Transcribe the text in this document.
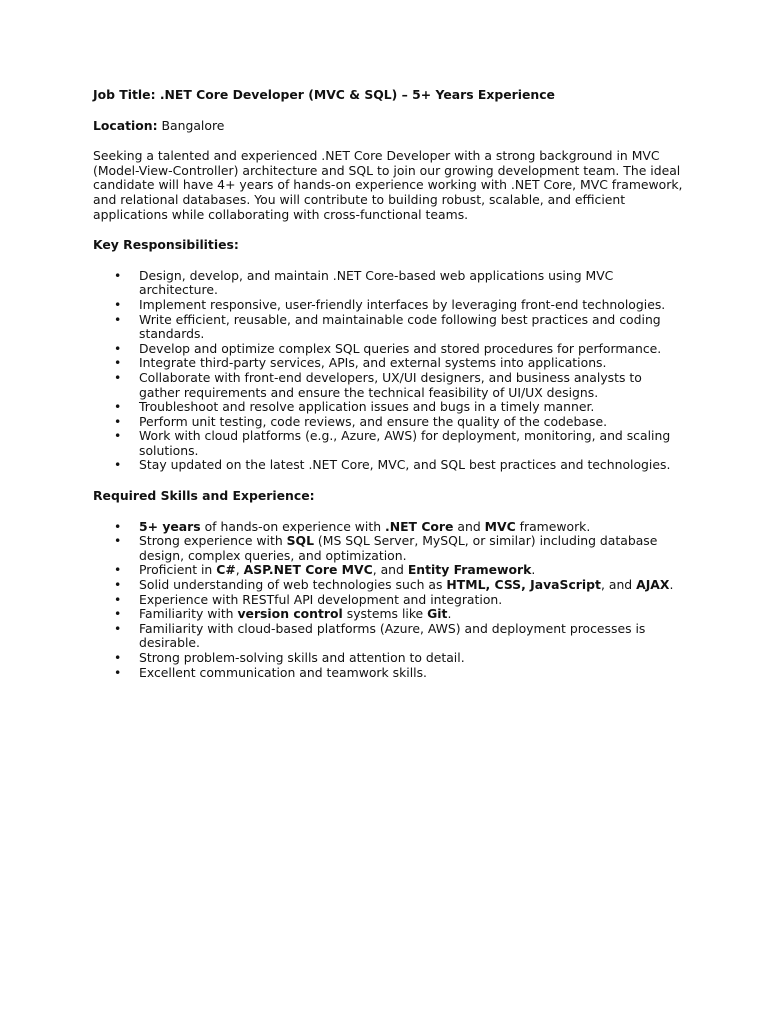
Job Title: .NET Core Developer (MVC & SQL) – 5+ Years Experience

Location: Bangalore

Seeking a talented and experienced .NET Core Developer with a strong background in MVC (Model-View-Controller) architecture and SQL to join our growing development team. The ideal candidate will have 4+ years of hands-on experience working with .NET Core, MVC framework, and relational databases. You will contribute to building robust, scalable, and efficient applications while collaborating with cross-functional teams.

Key Responsibilities:

• Design, develop, and maintain .NET Core-based web applications using MVC architecture.
• Implement responsive, user-friendly interfaces by leveraging front-end technologies.
• Write efficient, reusable, and maintainable code following best practices and coding standards.
• Develop and optimize complex SQL queries and stored procedures for performance.
• Integrate third-party services, APIs, and external systems into applications.
• Collaborate with front-end developers, UX/UI designers, and business analysts to gather requirements and ensure the technical feasibility of UI/UX designs.
• Troubleshoot and resolve application issues and bugs in a timely manner.
• Perform unit testing, code reviews, and ensure the quality of the codebase.
• Work with cloud platforms (e.g., Azure, AWS) for deployment, monitoring, and scaling solutions.
• Stay updated on the latest .NET Core, MVC, and SQL best practices and technologies.

Required Skills and Experience:

• 5+ years of hands-on experience with .NET Core and MVC framework.
• Strong experience with SQL (MS SQL Server, MySQL, or similar) including database design, complex queries, and optimization.
• Proficient in C#, ASP.NET Core MVC, and Entity Framework.
• Solid understanding of web technologies such as HTML, CSS, JavaScript, and AJAX.
• Experience with RESTful API development and integration.
• Familiarity with version control systems like Git.
• Familiarity with cloud-based platforms (Azure, AWS) and deployment processes is desirable.
• Strong problem-solving skills and attention to detail.
• Excellent communication and teamwork skills.
